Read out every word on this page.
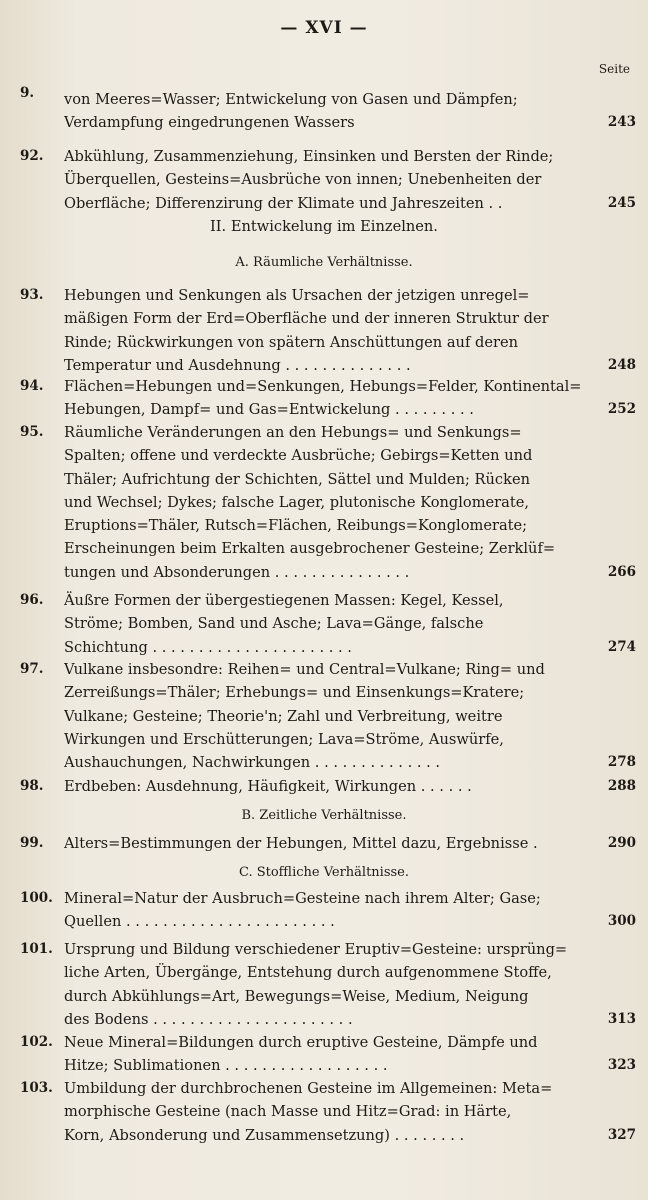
— XVI —
Seite
II. Entwickelung im Einzelnen.
A. Räumliche Verhältnisse.
B. Zeitliche Verhältnisse.
C. Stoffliche Verhältnisse.
9. von Meeres=Wasser; Entwickelung von Gasen und Dämpfen;
Verdampfung eingedrungenen Wassers	243
92. Abkühlung, Zusammenziehung, Einsinken und Bersten der Rinde;
Überquellen, Gesteins=Ausbrüche von innen; Unebenheiten der
Oberfläche; Differenzirung der Klimate und Jahreszeiten . .	245
93. Hebungen und Senkungen als Ursachen der jetzigen unregel=
mäßigen Form der Erd=Oberfläche und der inneren Struktur der
Rinde; Rückwirkungen von spätern Anschüttungen auf deren
Temperatur und Ausdehnung . . . . . . . . . . . . . .	248
94. Flächen=Hebungen und=Senkungen, Hebungs=Felder, Kontinental=
Hebungen, Dampf= und Gas=Entwickelung . . . . . . . . .	252
95. Räumliche Veränderungen an den Hebungs= und Senkungs=
Spalten; offene und verdeckte Ausbrüche; Gebirgs=Ketten und
Thäler; Aufrichtung der Schichten, Sättel und Mulden; Rücken
und Wechsel; Dykes; falsche Lager, plutonische Konglomerate,
Eruptions=Thäler, Rutsch=Flächen, Reibungs=Konglomerate;
Erscheinungen beim Erkalten ausgebrochener Gesteine; Zerklüf=
tungen und Absonderungen . . . . . . . . . . . . . . .	266
96. Äußre Formen der übergestiegenen Massen: Kegel, Kessel,
Ströme; Bomben, Sand und Asche; Lava=Gänge, falsche
Schichtung . . . . . . . . . . . . . . . . . . . . . .	274
97. Vulkane insbesondre: Reihen= und Central=Vulkane; Ring= und
Zerreißungs=Thäler; Erhebungs= und Einsenkungs=Kratere;
Vulkane; Gesteine; Theorie'n; Zahl und Verbreitung, weitre
Wirkungen und Erschütterungen; Lava=Ströme, Auswürfe,
Aushauchungen, Nachwirkungen . . . . . . . . . . . . . .	278
98. Erdbeben: Ausdehnung, Häufigkeit, Wirkungen . . . . . .	288
99. Alters=Bestimmungen der Hebungen, Mittel dazu, Ergebnisse .	290
100. Mineral=Natur der Ausbruch=Gesteine nach ihrem Alter; Gase;
Quellen . . . . . . . . . . . . . . . . . . . . . . .	300
101. Ursprung und Bildung verschiedener Eruptiv=Gesteine: ursprüng=
liche Arten, Übergänge, Entstehung durch aufgenommene Stoffe,
durch Abkühlungs=Art, Bewegungs=Weise, Medium, Neigung
des Bodens . . . . . . . . . . . . . . . . . . . . . .	313
102. Neue Mineral=Bildungen durch eruptive Gesteine, Dämpfe und
Hitze; Sublimationen . . . . . . . . . . . . . . . . . .	323
103. Umbildung der durchbrochenen Gesteine im Allgemeinen: Meta=
morphische Gesteine (nach Masse und Hitz=Grad: in Härte,
Korn, Absonderung und Zusammensetzung) . . . . . . . .	327
